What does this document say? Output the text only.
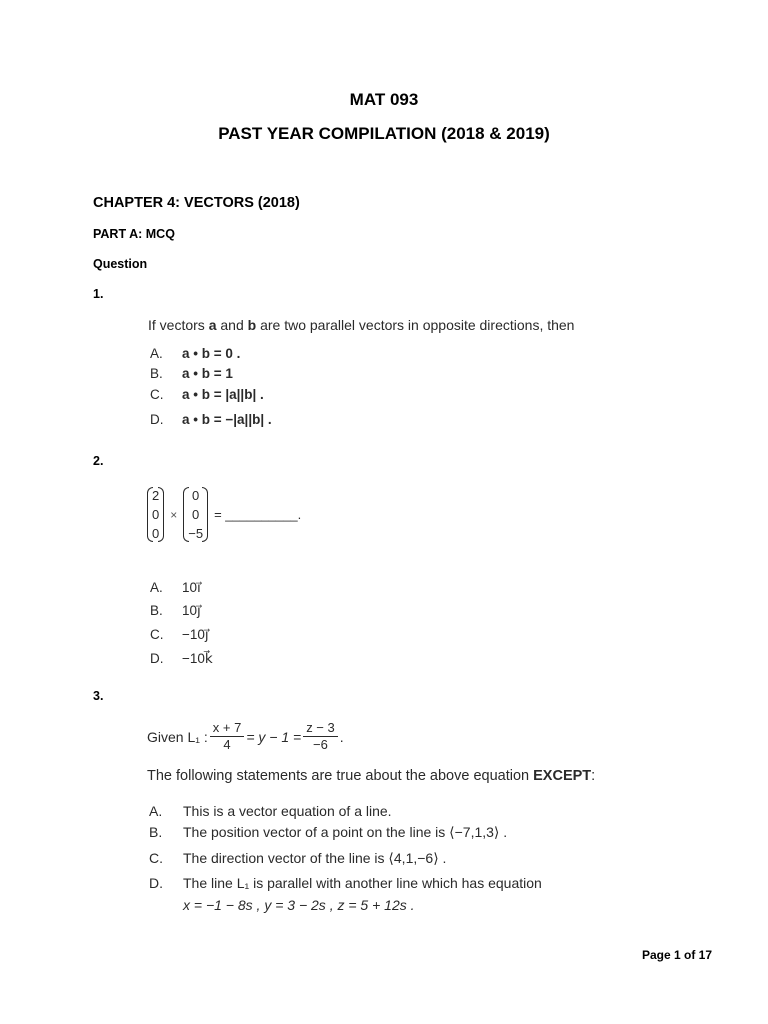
MAT 093
PAST YEAR COMPILATION (2018 & 2019)
CHAPTER 4: VECTORS (2018)
PART A: MCQ
Question
1.
If vectors a and b are two parallel vectors in opposite directions, then
A. a • b = 0 .
B. a • b = 1
C. a • b = |a||b| .
D. a • b = −|a||b| .
2.
2
0
0
×
0
0
−5
= __________.
A. 10i⃗
B. 10j⃗
C. −10j⃗
D. −10k⃗
3.
Given L₁ : $\frac{x + 7}{4} = y - 1 = \frac{z - 3}{-6}$ .
The following statements are true about the above equation EXCEPT:
A. This is a vector equation of a line.
B. The position vector of a point on the line is ⟨−7,1,3⟩ .
C. The direction vector of the line is ⟨4,1,−6⟩ .
D. The line L₁ is parallel with another line which has equation
x = −1 − 8s , y = 3 − 2s , z = 5 + 12s .
Page 1 of 17
